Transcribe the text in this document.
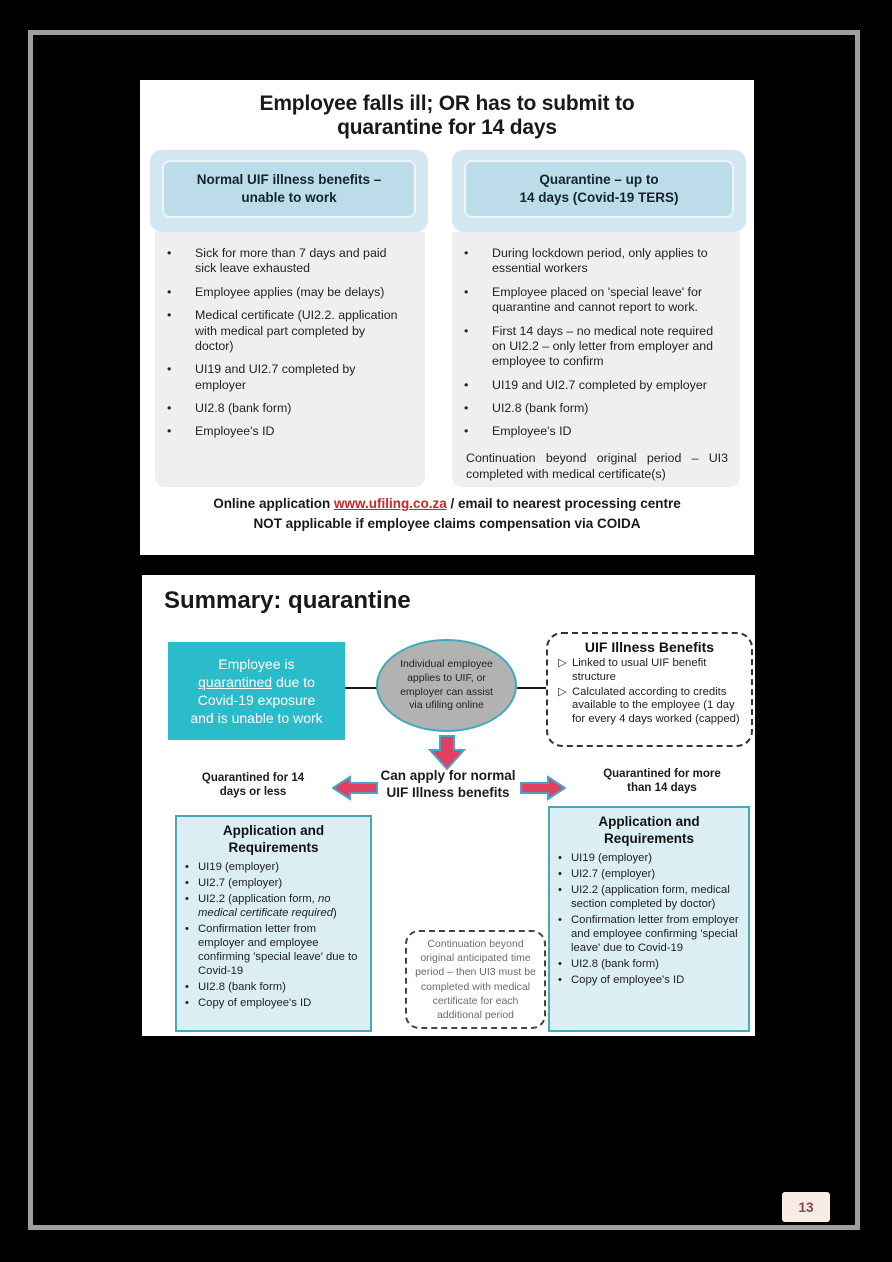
Employee falls ill; OR has to submit to
quarantine for 14 days
Normal UIF illness benefits –
unable to work
Quarantine – up to
14 days (Covid-19 TERS)
•	Sick for more than 7 days and paid sick leave exhausted
•	Employee applies (may be delays)
•	Medical certificate (UI2.2. application with medical part completed by doctor)
•	UI19 and UI2.7 completed by employer
•	UI2.8 (bank form)
•	Employee's ID
•	During lockdown period, only applies to essential workers
•	Employee placed on 'special leave' for quarantine and cannot report to work.
•	First 14 days – no medical note required on UI2.2 – only letter from employer and employee to confirm
•	UI19 and UI2.7 completed by employer
•	UI2.8 (bank form)
•	Employee's ID
Continuation beyond original period – UI3 completed with medical certificate(s)
Online application www.ufiling.co.za / email to nearest processing centre
NOT applicable if employee claims compensation via COIDA
Summary: quarantine
Employee is
quarantined due to
Covid-19 exposure
and is unable to work
Individual employee
applies to UIF, or
employer can assist
via ufiling online
UIF Illness Benefits
▷ Linked to usual UIF benefit structure
▷ Calculated according to credits available to the employee (1 day for every 4 days worked (capped)
Quarantined for 14
days or less
Can apply for normal
UIF Illness benefits
Quarantined for more
than 14 days
Application and
Requirements
• UI19 (employer)
• UI2.7 (employer)
• UI2.2 (application form, no medical certificate required)
• Confirmation letter from employer and employee confirming 'special leave' due to Covid-19
• UI2.8 (bank form)
• Copy of employee's ID
Application and
Requirements
• UI19 (employer)
• UI2.7 (employer)
• UI2.2 (application form, medical section completed by doctor)
• Confirmation letter from employer and employee confirming 'special leave' due to Covid-19
• UI2.8 (bank form)
• Copy of employee's ID
Continuation beyond original anticipated time period – then UI3 must be completed with medical certificate for each additional period
13
